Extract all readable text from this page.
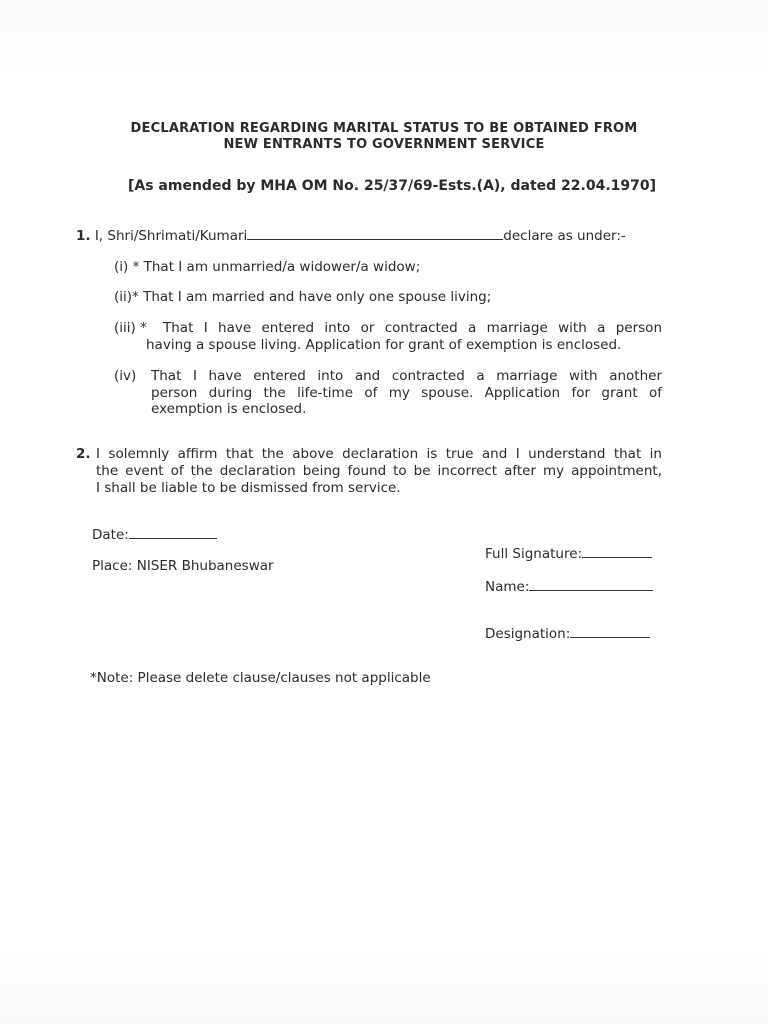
DECLARATION REGARDING MARITAL STATUS TO BE OBTAINED FROM
NEW ENTRANTS TO GOVERNMENT SERVICE
[As amended by MHA OM No. 25/37/69-Ests.(A), dated 22.04.1970]
1. I, Shri/Shrimati/Kumari	declare as under:-
(i) * That I am unmarried/a widower/a widow;
(ii)* That I am married and have only one spouse living;
(iii) * That I have entered into or contracted a marriage with a person
having a spouse living. Application for grant of exemption is enclosed.
(iv) That I have entered into and contracted a marriage with another
person during the life-time of my spouse. Application for grant of
exemption is enclosed.
2. I solemnly affirm that the above declaration is true and I understand that in
the event of the declaration being found to be incorrect after my appointment,
I shall be liable to be dismissed from service.
Date:
Place: NISER Bhubaneswar
Full Signature:
Name:
Designation:
*Note: Please delete clause/clauses not applicable
